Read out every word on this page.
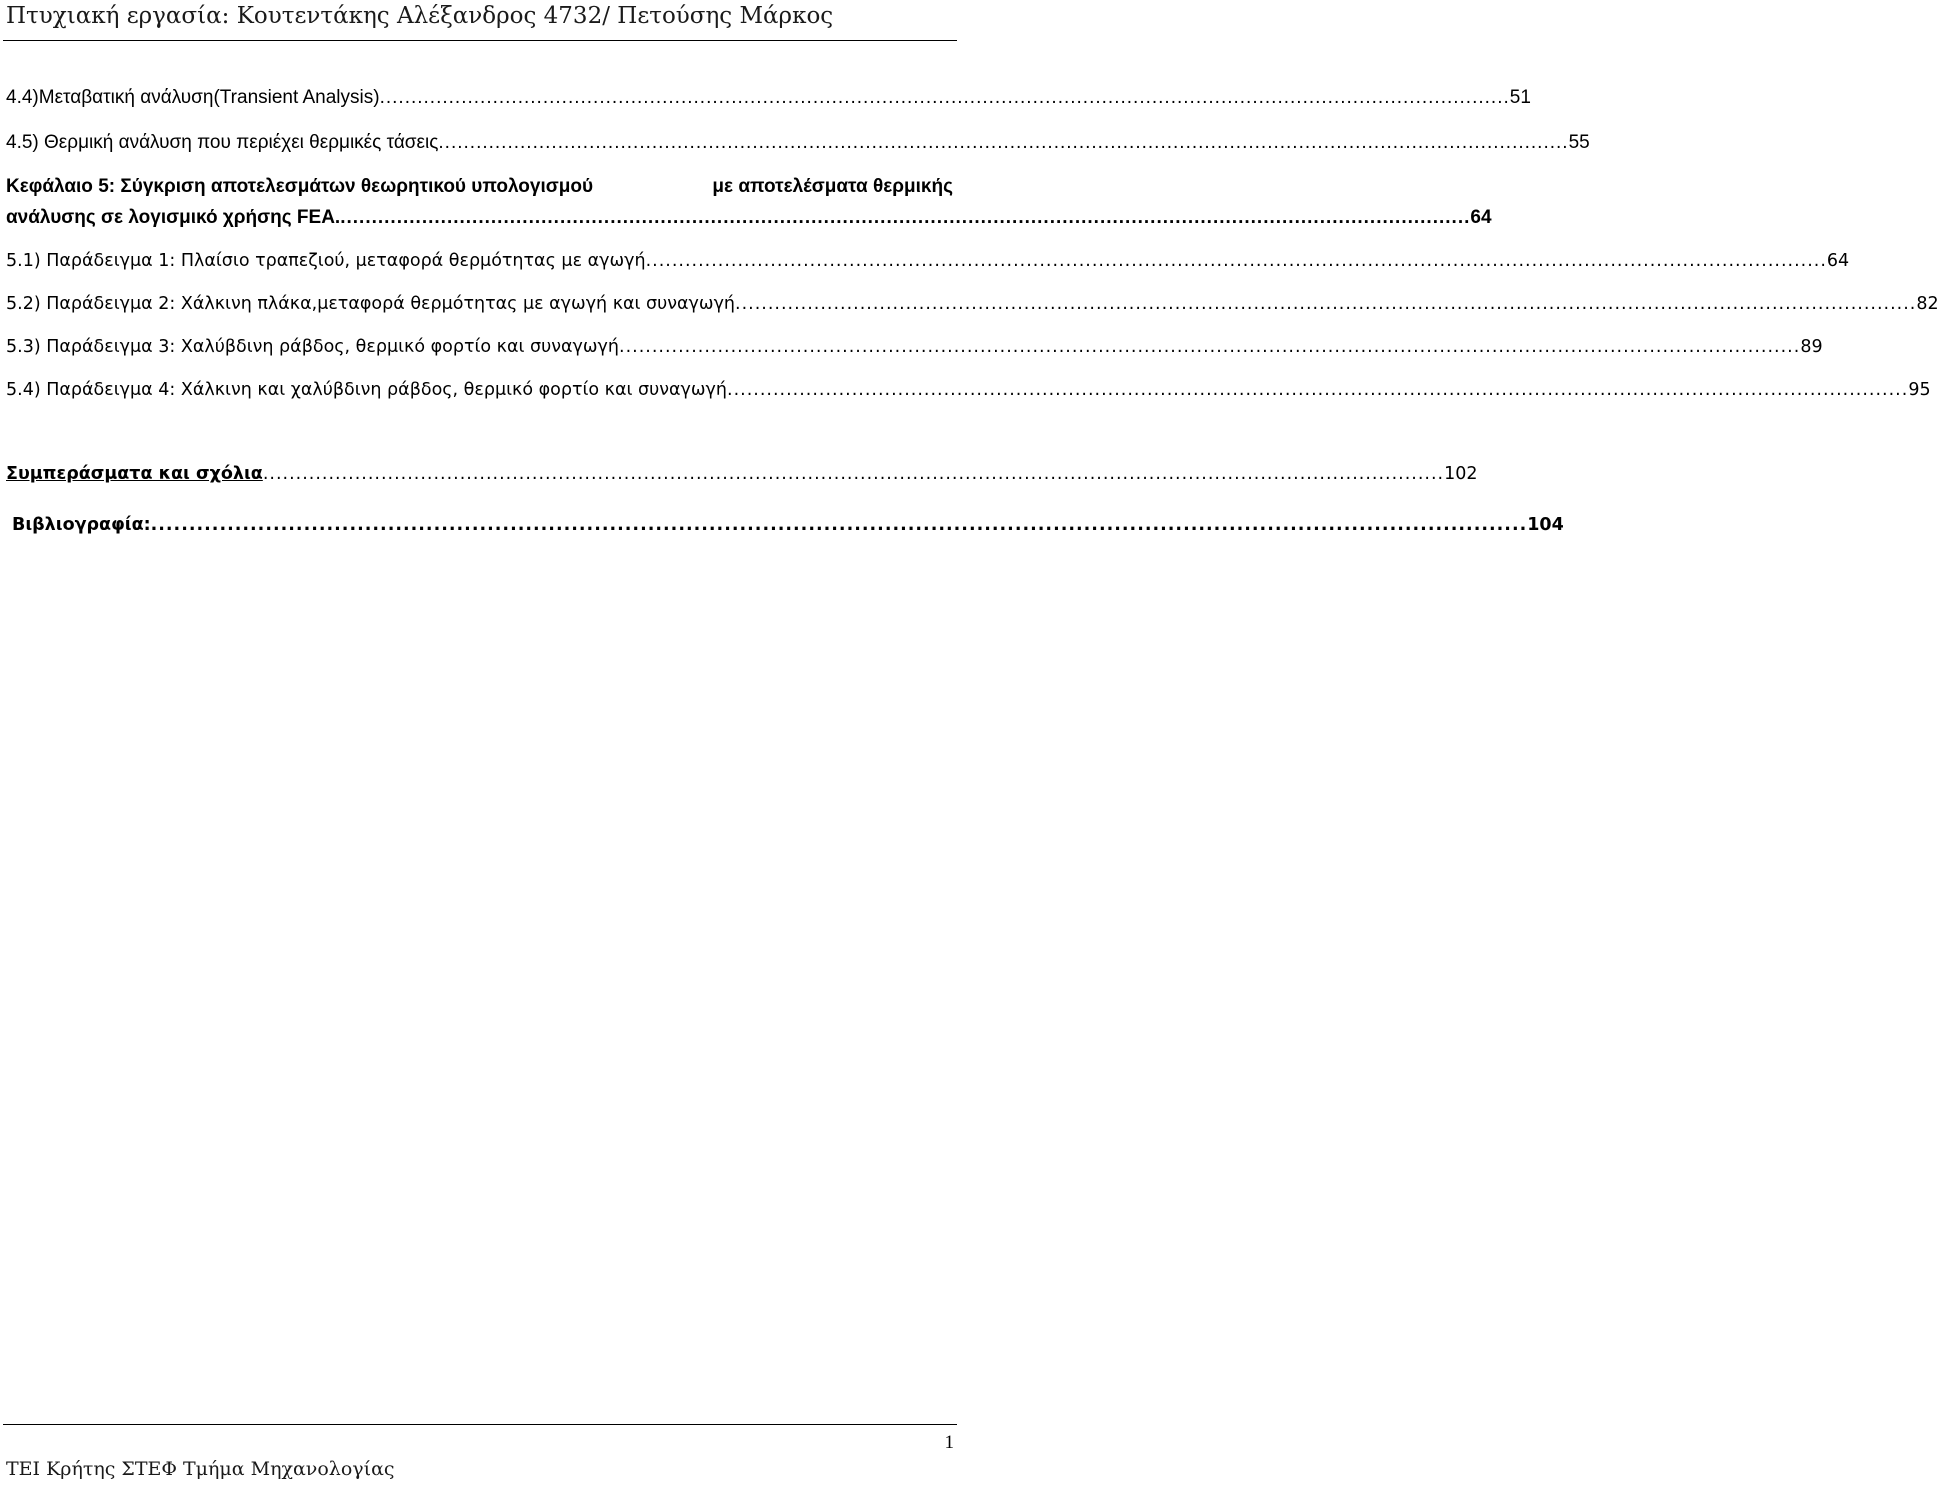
Πτυχιακή εργασία: Κουτεντάκης Αλέξανδρος 4732/ Πετούσης Μάρκος
4.4)Μεταβατική ανάλυση(Transient Analysis) .................................................................................................................................................................................... 51
4.5) Θερμική ανάλυση που περιέχει θερμικές τάσεις .................................................................................................................................................................................... 55
Κεφάλαιο 5: Σύγκριση αποτελεσμάτων θεωρητικού υπολογισμού	με αποτελέσματα θερμικής
ανάλυσης σε λογισμικό χρήσης FEA. .................................................................................................................................................................................... 64
5.1) Παράδειγμα 1: Πλαίσιο τραπεζιού, μεταφορά θερμότητας με αγωγή .................................................................................................................................................................................... 64
5.2) Παράδειγμα 2: Χάλκινη πλάκα,μεταφορά θερμότητας με αγωγή και συναγωγή .................................................................................................................................................................................... 82
5.3) Παράδειγμα 3: Χαλύβδινη ράβδος, θερμικό φορτίο και συναγωγή .................................................................................................................................................................................... 89
5.4) Παράδειγμα 4: Χάλκινη και χαλύβδινη ράβδος, θερμικό φορτίο και συναγωγή .................................................................................................................................................................................... 95
Συμπεράσματα και σχόλια .................................................................................................................................................................................... 102
Βιβλιογραφία: .................................................................................................................................................................................... 104
1
ΤΕΙ Κρήτης ΣΤΕΦ Τμήμα Μηχανολογίας
